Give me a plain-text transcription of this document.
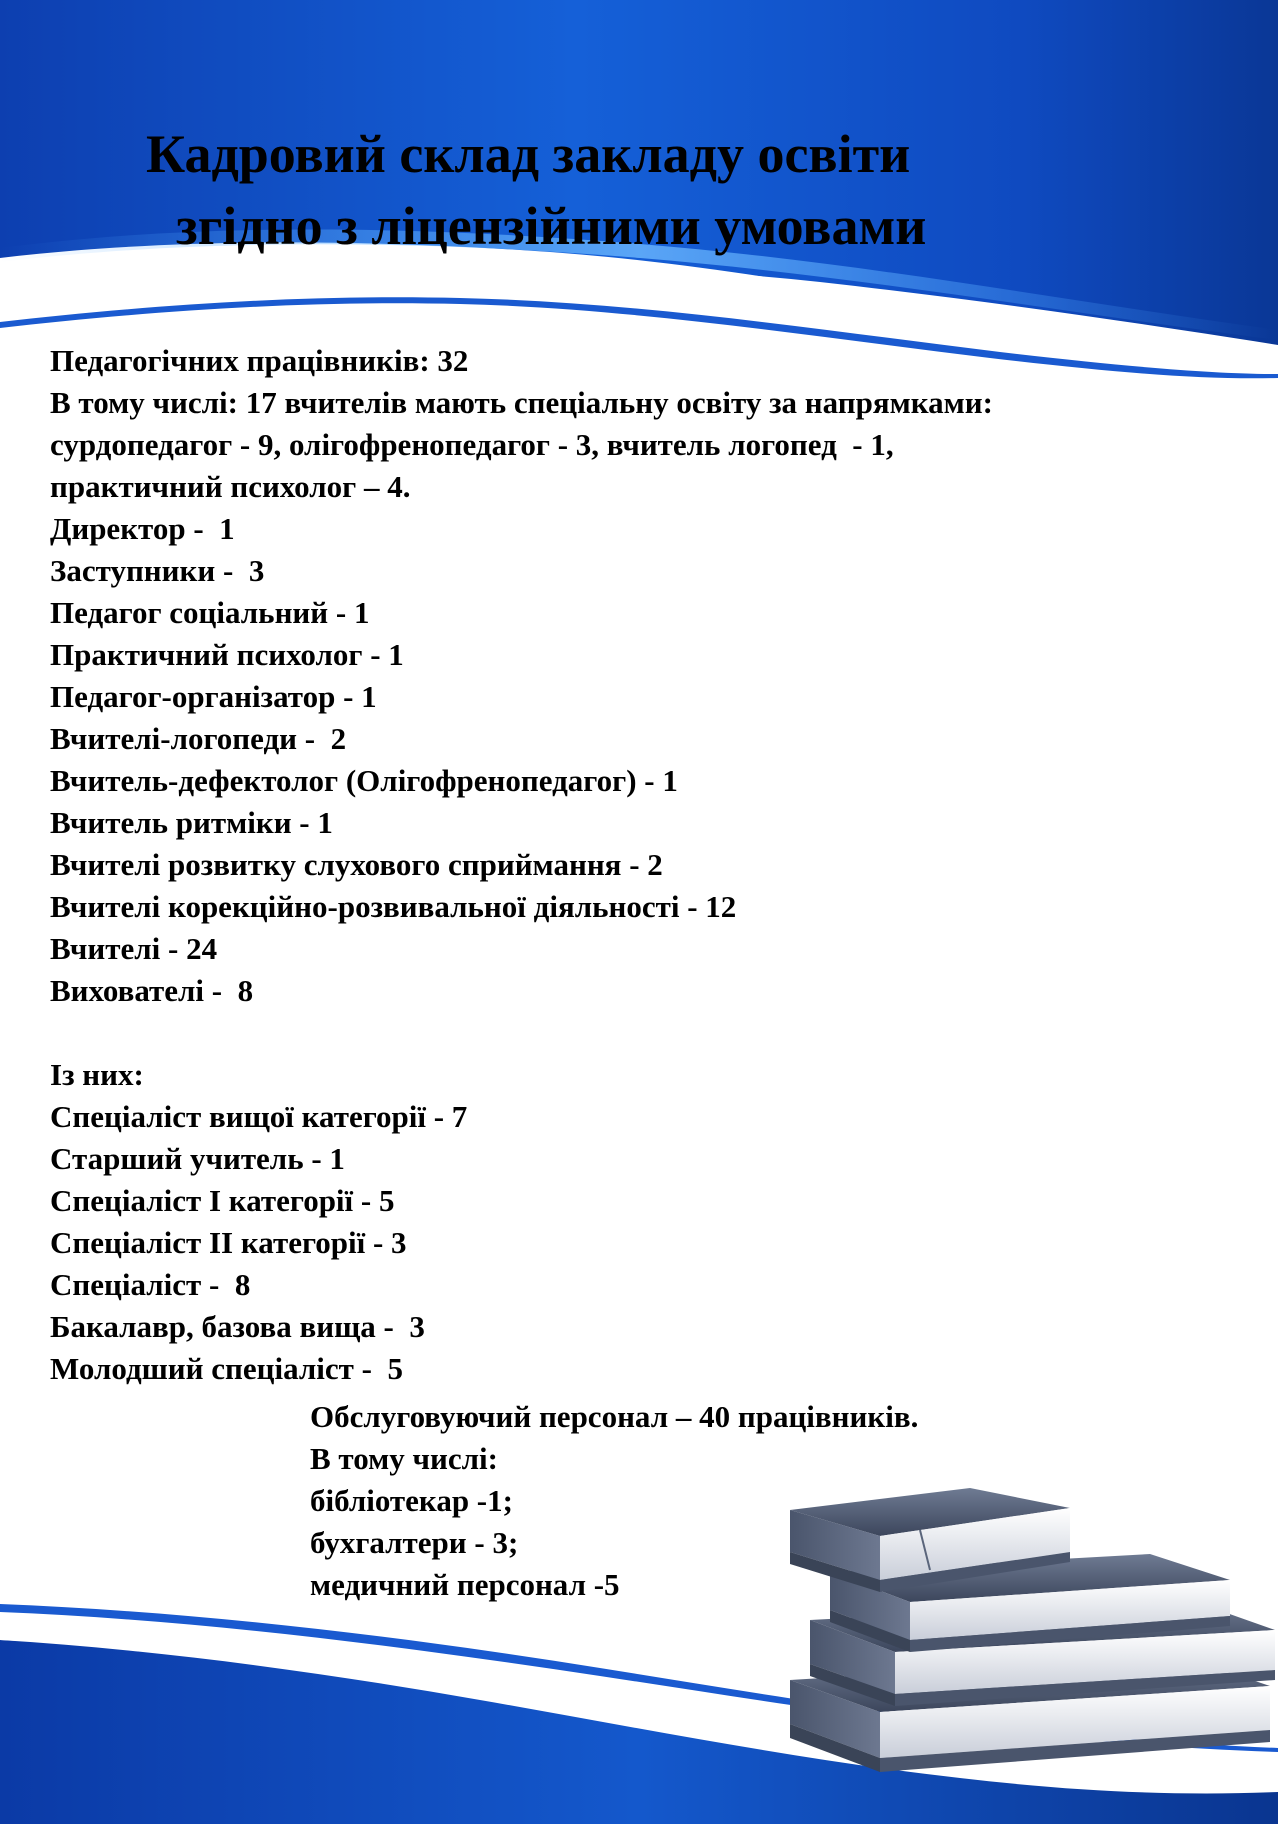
Кадровий склад закладу освіти
згідно з ліцензійними умовами
Педагогічних працівників: 32
В тому числі: 17 вчителів мають спеціальну освіту за напрямками:
сурдопедагог - 9, олігофренопедагог - 3, вчитель логопед  - 1,
практичний психолог – 4.
Директор -  1
Заступники -  3
Педагог соціальний - 1
Практичний психолог - 1
Педагог-організатор - 1
Вчителі-логопеди -  2
Вчитель-дефектолог (Олігофренопедагог) - 1
Вчитель ритміки - 1
Вчителі розвитку слухового сприймання - 2
Вчителі корекційно-розвивальної діяльності - 12
Вчителі - 24
Вихователі -  8
Із них:
Спеціаліст вищої категорії - 7
Старший учитель - 1
Спеціаліст І категорії - 5
Спеціаліст ІІ категорії - 3
Спеціаліст -  8
Бакалавр, базова вища -  3
Молодший спеціаліст -  5
Обслуговуючий персонал – 40 працівників.
В тому числі:
бібліотекар -1;
бухгалтери - 3;
медичний персонал -5
